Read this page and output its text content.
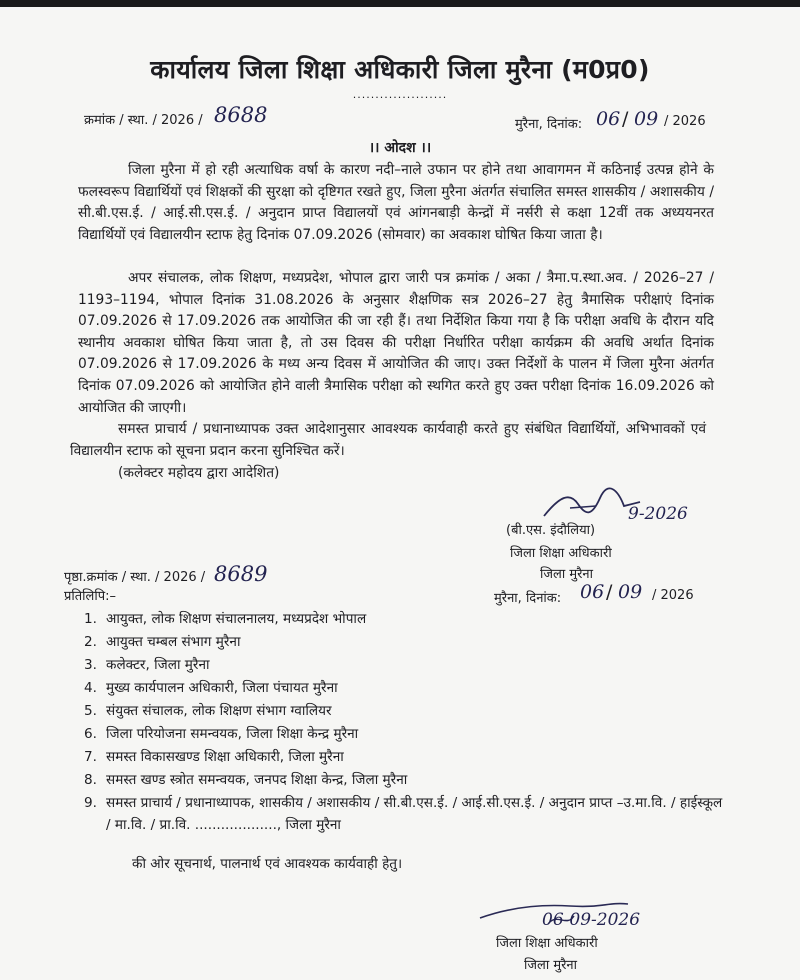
कार्यालय जिला शिक्षा अधिकारी जिला मुरैना (म0प्र0)
.....................
क्रमांक / स्था. / 2026 / 8688	मुरैना, दिनांक: 06 / 09 / 2026
।। ओदश ।।
जिला मुरैना में हो रही अत्याधिक वर्षा के कारण नदी–नाले उफान पर होने तथा आवागमन में कठिनाई उत्पन्न होने के फलस्वरूप विद्यार्थियों एवं शिक्षकों की सुरक्षा को दृष्टिगत रखते हुए, जिला मुरैना अंतर्गत संचालित समस्त शासकीय / अशासकीय / सी.बी.एस.ई. / आई.सी.एस.ई. / अनुदान प्राप्त विद्यालयों एवं आंगनबाड़ी केन्द्रों में नर्सरी से कक्षा 12वीं तक अध्ययनरत विद्यार्थियों एवं विद्यालयीन स्टाफ हेतु दिनांक 07.09.2026 (सोमवार) का अवकाश घोषित किया जाता है।
अपर संचालक, लोक शिक्षण, मध्यप्रदेश, भोपाल द्वारा जारी पत्र क्रमांक / अका / त्रैमा.प.स्था.अव. / 2026–27 / 1193–1194, भोपाल दिनांक 31.08.2026 के अनुसार शैक्षणिक सत्र 2026–27 हेतु त्रैमासिक परीक्षाएं दिनांक 07.09.2026 से 17.09.2026 तक आयोजित की जा रही हैं। तथा निर्देशित किया गया है कि परीक्षा अवधि के दौरान यदि स्थानीय अवकाश घोषित किया जाता है, तो उस दिवस की परीक्षा निर्धारित परीक्षा कार्यक्रम की अवधि अर्थात दिनांक 07.09.2026 से 17.09.2026 के मध्य अन्य दिवस में आयोजित की जाए। उक्त निर्देशों के पालन में जिला मुरैना अंतर्गत दिनांक 07.09.2026 को आयोजित होने वाली त्रैमासिक परीक्षा को स्थगित करते हुए उक्त परीक्षा दिनांक 16.09.2026 को आयोजित की जाएगी।
समस्त प्राचार्य / प्रधानाध्यापक उक्त आदेशानुसार आवश्यक कार्यवाही करते हुए संबंधित विद्यार्थियों, अभिभावकों एवं विद्यालयीन स्टाफ को सूचना प्रदान करना सुनिश्चित करें।
(कलेक्टर महोदय द्वारा आदेशित)
9-2026
(बी.एस. इंदौलिया)
जिला शिक्षा अधिकारी
जिला मुरैना
मुरैना, दिनांक: 06 / 09 / 2026
पृष्ठा.क्रमांक / स्था. / 2026 / 8689
प्रतिलिपि:–
1. आयुक्त, लोक शिक्षण संचालनालय, मध्यप्रदेश भोपाल
2. आयुक्त चम्बल संभाग मुरैना
3. कलेक्टर, जिला मुरैना
4. मुख्य कार्यपालन अधिकारी, जिला पंचायत मुरैना
5. संयुक्त संचालक, लोक शिक्षण संभाग ग्वालियर
6. जिला परियोजना समन्वयक, जिला शिक्षा केन्द्र मुरैना
7. समस्त विकासखण्ड शिक्षा अधिकारी, जिला मुरैना
8. समस्त खण्ड स्त्रोत समन्वयक, जनपद शिक्षा केन्द्र, जिला मुरैना
9. समस्त प्राचार्य / प्रधानाध्यापक, शासकीय / अशासकीय / सी.बी.एस.ई. / आई.सी.एस.ई. / अनुदान प्राप्त –उ.मा.वि. / हाईस्कूल / मा.वि. / प्रा.वि. ..................., जिला मुरैना
की ओर सूचनार्थ, पालनार्थ एवं आवश्यक कार्यवाही हेतु।
06-09-2026
जिला शिक्षा अधिकारी
जिला मुरैना
